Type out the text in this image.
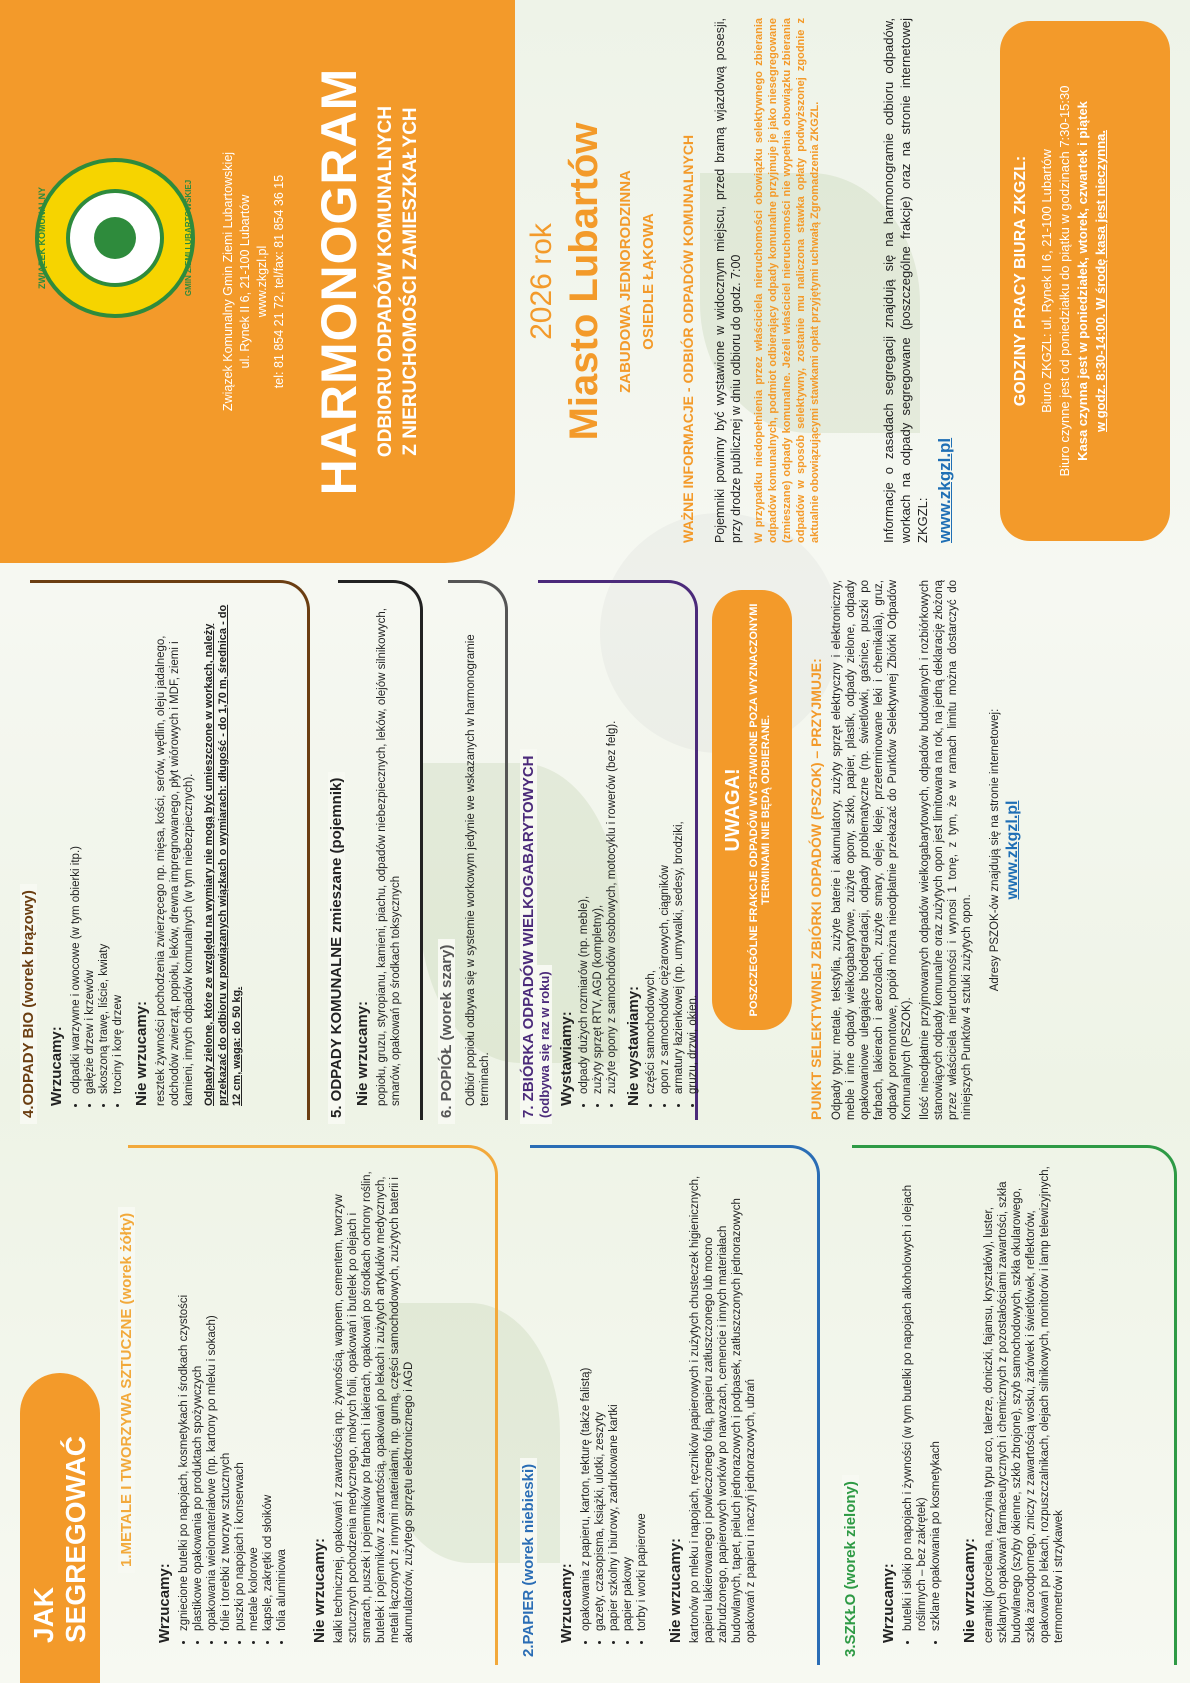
JAK SEGREGOWAĆ	1.METALE I TWORZYWA SZTUCZNE (worek żółty)
Wrzucamy: • zgniecione butelki po napojach, kosmetykach i środkach czystości • plastikowe opakowania po produktach spożywczych • opakowania wielomateriałowe (np. kartony po mleku i sokach) • folie i torebki z tworzyw sztucznych • puszki po napojach i konserwach • metale kolorowe • kapsle, zakrętki od słoików • folia aluminiowa Nie wrzucamy: kalki technicznej, opakowań z zawartością np. żywnością, wapnem, cementem, tworzyw sztucznych pochodzenia medycznego, mokrych folii, opakowań i butelek po olejach i smarach, puszek i pojemników po farbach i lakierach, opakowań po środkach ochrony roślin, butelek i pojemników z zawartością, opakowań po lekach i zużytych artykułów medycznych, metali łączonych z innymi materiałami, np. gumą, części samochodowych, zużytych baterii i akumulatorów, zużytego sprzętu elektronicznego i AGD	2.PAPIER (worek niebieski) Wrzucamy: • opakowania z papieru, karton, tekturę (także falistą) • gazety, czasopisma, książki, ulotki, zeszyty • papier szkolny i biurowy, zadrukowane kartki • papier pakowy • torby i worki papierowe Nie wrzucamy: kartonów po mleku i napojach, ręczników papierowych i zużytych chusteczek higienicznych, papieru lakierowanego i powleczonego folią, papieru zatłuszczonego lub mocno zabrudzonego, papierowych worków po nawozach, cemencie i innych materiałach budowlanych, tapet, pieluch jednorazowych i podpasek, zatłuszczonych jednorazowych opakowań z papieru i naczyń jednorazowych, ubrań	3.SZKŁO (worek zielony) Wrzucamy: • butelki i słoiki po napojach i żywności (w tym butelki po napojach alkoholowych i olejach roślinnych – bez zakrętek) • szklane opakowania po kosmetykach Nie wrzucamy: ceramiki (porcelana, naczynia typu arco, talerze, doniczki, fajansu, kryształów), luster, szklanych opakowań farmaceutycznych i chemicznych z pozostałościami zawartości, szkła budowlanego (szyby okienne, szkło zbrojone), szyb samochodowych, szkła okularowego, szkła żaroodpornego, zniczy z zawartością wosku, żarówek i świetlówek, reflektorów, opakowań po lekach, rozpuszczalnikach, olejach silnikowych, monitorów i lamp telewizyjnych, termometrów i strzykawek

4.ODPADY BIO (worek brązowy) Wrzucamy: • odpadki warzywne i owocowe (w tym obierki itp.) • gałęzie drzew i krzewów • skoszoną trawę, liście, kwiaty • trociny i korę drzew Nie wrzucamy: resztek żywności pochodzenia zwierzęcego np. mięsa, kości, serów, wędlin, oleju jadalnego, odchodów zwierząt, popiołu, leków, drewna impregnowanego, płyt wiórowych i MDF, ziemi i kamieni, innych odpadów komunalnych (w tym niebezpiecznych). Odpady zielone, które ze względu na wymiary nie mogą być umieszczone w workach, należy przekazać do odbioru w powiązanych wiązkach o wymiarach: długość - do 1,70 m, średnica - do 12 cm, waga: do 50 kg.	5. ODPADY KOMUNALNE zmieszane (pojemnik) Nie wrzucamy: popiołu, gruzu, styropianu, kamieni, piachu, odpadów niebezpiecznych, leków, olejów silnikowych, smarów, opakowań po środkach toksycznych 6. POPIÓŁ (worek szary) Odbiór popiołu odbywa się w systemie workowym jedynie we wskazanych w harmonogramie terminach. 7. ZBIÓRKA ODPADÓW WIELKOGABARYTOWYCH (odbywa się raz w roku) Wystawiamy: • odpady dużych rozmiarów (np. meble), • zużyty sprzęt RTV, AGD (kompletny), • zużyte opony z samochodów osobowych, motocyklu i rowerów (bez felg). Nie wystawiamy: • części samochodowych, • opon z samochodów ciężarowych, ciągników • armatury łazienkowej (np. umywalki, sedesy, brodziki, • gruzu, drzwi, okien.
UWAGA! POSZCZEGÓLNE FRAKCJE ODPADÓW WYSTAWIONE POZA WYZNACZONYMI TERMINAMI NIE BĘDĄ ODBIERANE.	PUNKT SELEKTYWNEJ ZBIÓRKI ODPADÓW (PSZOK) – PRZYJMUJE: Odpady typu: metale, tekstylia, zużyte baterie i akumulatory, zużyty sprzęt elektryczny i elektroniczny, meble i inne odpady wielkogabarytowe, zużyte opony, szkło, papier, plastik, odpady zielone, odpady opakowaniowe ulegające biodegradacji, odpady problematyczne (np. świetlówki, gaśnice, puszki po farbach, lakierach i aerozolach, zużyte smary, oleje, kleje, przeterminowane leki i chemikalia), gruz, odpady poremontowe, popiół można nieodpłatnie przekazać do Punktów Selektywnej Zbiórki Odpadów Komunalnych (PSZOK). Ilość nieodpłatnie przyjmowanych odpadów wielkogabarytowych, odpadów budowlanych i rozbiórkowych stanowiących odpady komunalne oraz zużytych opon jest limitowana na rok, na jedną deklarację złożoną przez właściciela nieruchomości i wynosi 1 tonę, z tym, że w ramach limitu można dostarczyć do niniejszych Punktów 4 sztuki zużytych opon.

Adresy PSZOK-ów znajdują się na stronie internetowej: www.zkgzl.pl
ZWIĄZEK KOMUNALNY	GMIN ZIEMI LUBARTOWSKIEJ Związek Komunalny Gmin Ziemi Lubartowskiej ul. Rynek II 6, 21-100 Lubartów www.zkgzl.pl tel: 81 854 21 72, tel/fax: 81 854 36 15 HARMONOGRAM ODBIORU ODPADÓW KOMUNALNYCH Z NIERUCHOMOŚCI ZAMIESZKAŁYCH	2026 rok Miasto Lubartów ZABUDOWA JEDNORODZINNA OSIEDLE ŁĄKOWA WAŻNE INFORMACJE - ODBIÓR ODPADÓW KOMUNALNYCH Pojemniki powinny być wystawione w widocznym miejscu, przed bramą wjazdową posesji, przy drodze publicznej w dniu odbioru do godz. 7:00 W przypadku niedopełnienia przez właściciela nieruchomości obowiązku selektywnego zbierania odpadów komunalnych, podmiot odbierający odpady komunalne przyjmuje je jako niesegregowane (zmieszane) odpady komunalne. Jeżeli właściciel nieruchomości nie wypełnia obowiązku zbierania odpadów w sposób selektywny, zostanie mu naliczona stawka opłaty podwyższonej zgodnie z aktualnie obowiązującymi stawkami opłat przyjętymi uchwałą Zgromadzenia ZKGZL.	Informacje o zasadach segregacji znajdują się na harmonogramie odbioru odpadów, workach na odpady segregowane (poszczególne frakcje) oraz na stronie internetowej ZKGZL: www.zkgzl.pl
GODZINY PRACY BIURA ZKGZL: Biuro ZKGZL: ul. Rynek II 6, 21-100 Lubartów Biuro czynne jest od poniedziałku do piątku w godzinach 7:30-15:30 Kasa czynna jest w poniedziałek, wtorek, czwartek i piątek w godz. 8:30-14:00. W środę kasa jest nieczynna.
